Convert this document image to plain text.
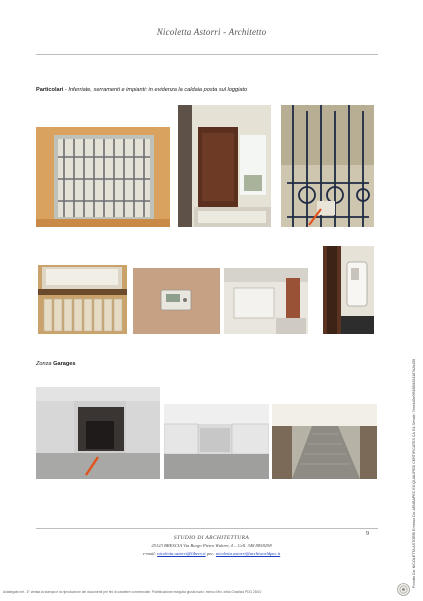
Nicoletta Astorri - Architetto
Particolari - Inferriate, serramenti e impianti: in evidenza la caldaia posta sul loggiato
Zonza Garages
9
STUDIO DI ARCHITETTURA
25123 BRESCIA Via Borgo Pietro Wuhrer, 4 – Cell. 348 8858298
e-mail: nicoletta.astorri@libero.it pec: nicoletta.astorri@archiworldpec.it
Astalegale.net - E' vietata la stampa e la riproduzione dei documenti per fini di carattere commerciale. Pubblicazione eseguita giusta iscriz. elenco Min. della Giustizia PDG 28/10
Firmato Da: NICOLETTA ASTORRI Emesso Da: ARUBAPEC EU QUALIFIED CERTIFICATES CA G1 Serial#: 7ece4d3e0f5188f4831187b2b455
